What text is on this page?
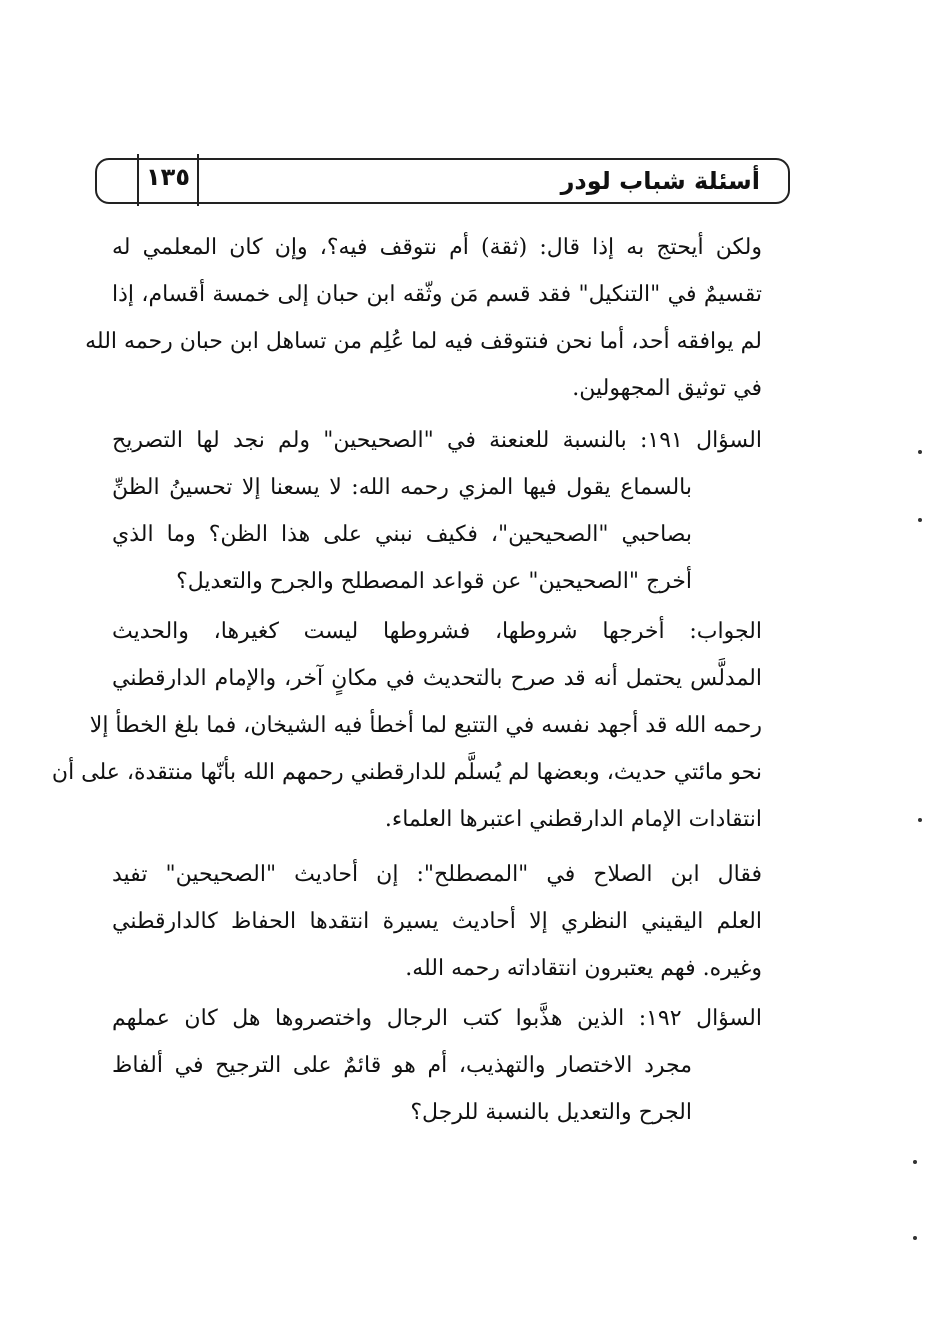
أسئلة شباب لودر
١٣٥
ولكن أيحتج به إذا قال: (ثقة) أم نتوقف فيه؟، وإن كان المعلمي له
تقسيمٌ في "التنكيل" فقد قسم مَن وثّقه ابن حبان إلى خمسة أقسام، إذا
لم يوافقه أحد، أما نحن فنتوقف فيه لما عُلِم من تساهل ابن حبان رحمه الله
في توثيق المجهولين.
السؤال ١٩١: بالنسبة للعنعنة في "الصحيحين" ولم نجد لها التصريح
بالسماع يقول فيها المزي رحمه الله: لا يسعنا إلا تحسينُ الظنِّ
بصاحبي "الصحيحين"، فكيف نبني على هذا الظن؟ وما الذي
أخرج "الصحيحين" عن قواعد المصطلح والجرح والتعديل؟
الجواب: أخرجها شروطها، فشروطها ليست كغيرها، والحديث
المدلَّس يحتمل أنه قد صرح بالتحديث في مكانٍ آخر، والإمام الدارقطني
رحمه الله قد أجهد نفسه في التتبع لما أخطأ فيه الشيخان، فما بلغ الخطأ إلا
نحو مائتي حديث، وبعضها لم يُسلَّم للدارقطني رحمهم الله بأنّها منتقدة، على أن
انتقادات الإمام الدارقطني اعتبرها العلماء.
فقال ابن الصلاح في "المصطلح": إن أحاديث "الصحيحين" تفيد
العلم اليقيني النظري إلا أحاديث يسيرة انتقدها الحفاظ كالدارقطني
وغيره. فهم يعتبرون انتقاداته رحمه الله.
السؤال ١٩٢: الذين هذَّبوا كتب الرجال واختصروها هل كان عملهم
مجرد الاختصار والتهذيب، أم هو قائمٌ على الترجيح في ألفاظ
الجرح والتعديل بالنسبة للرجل؟
